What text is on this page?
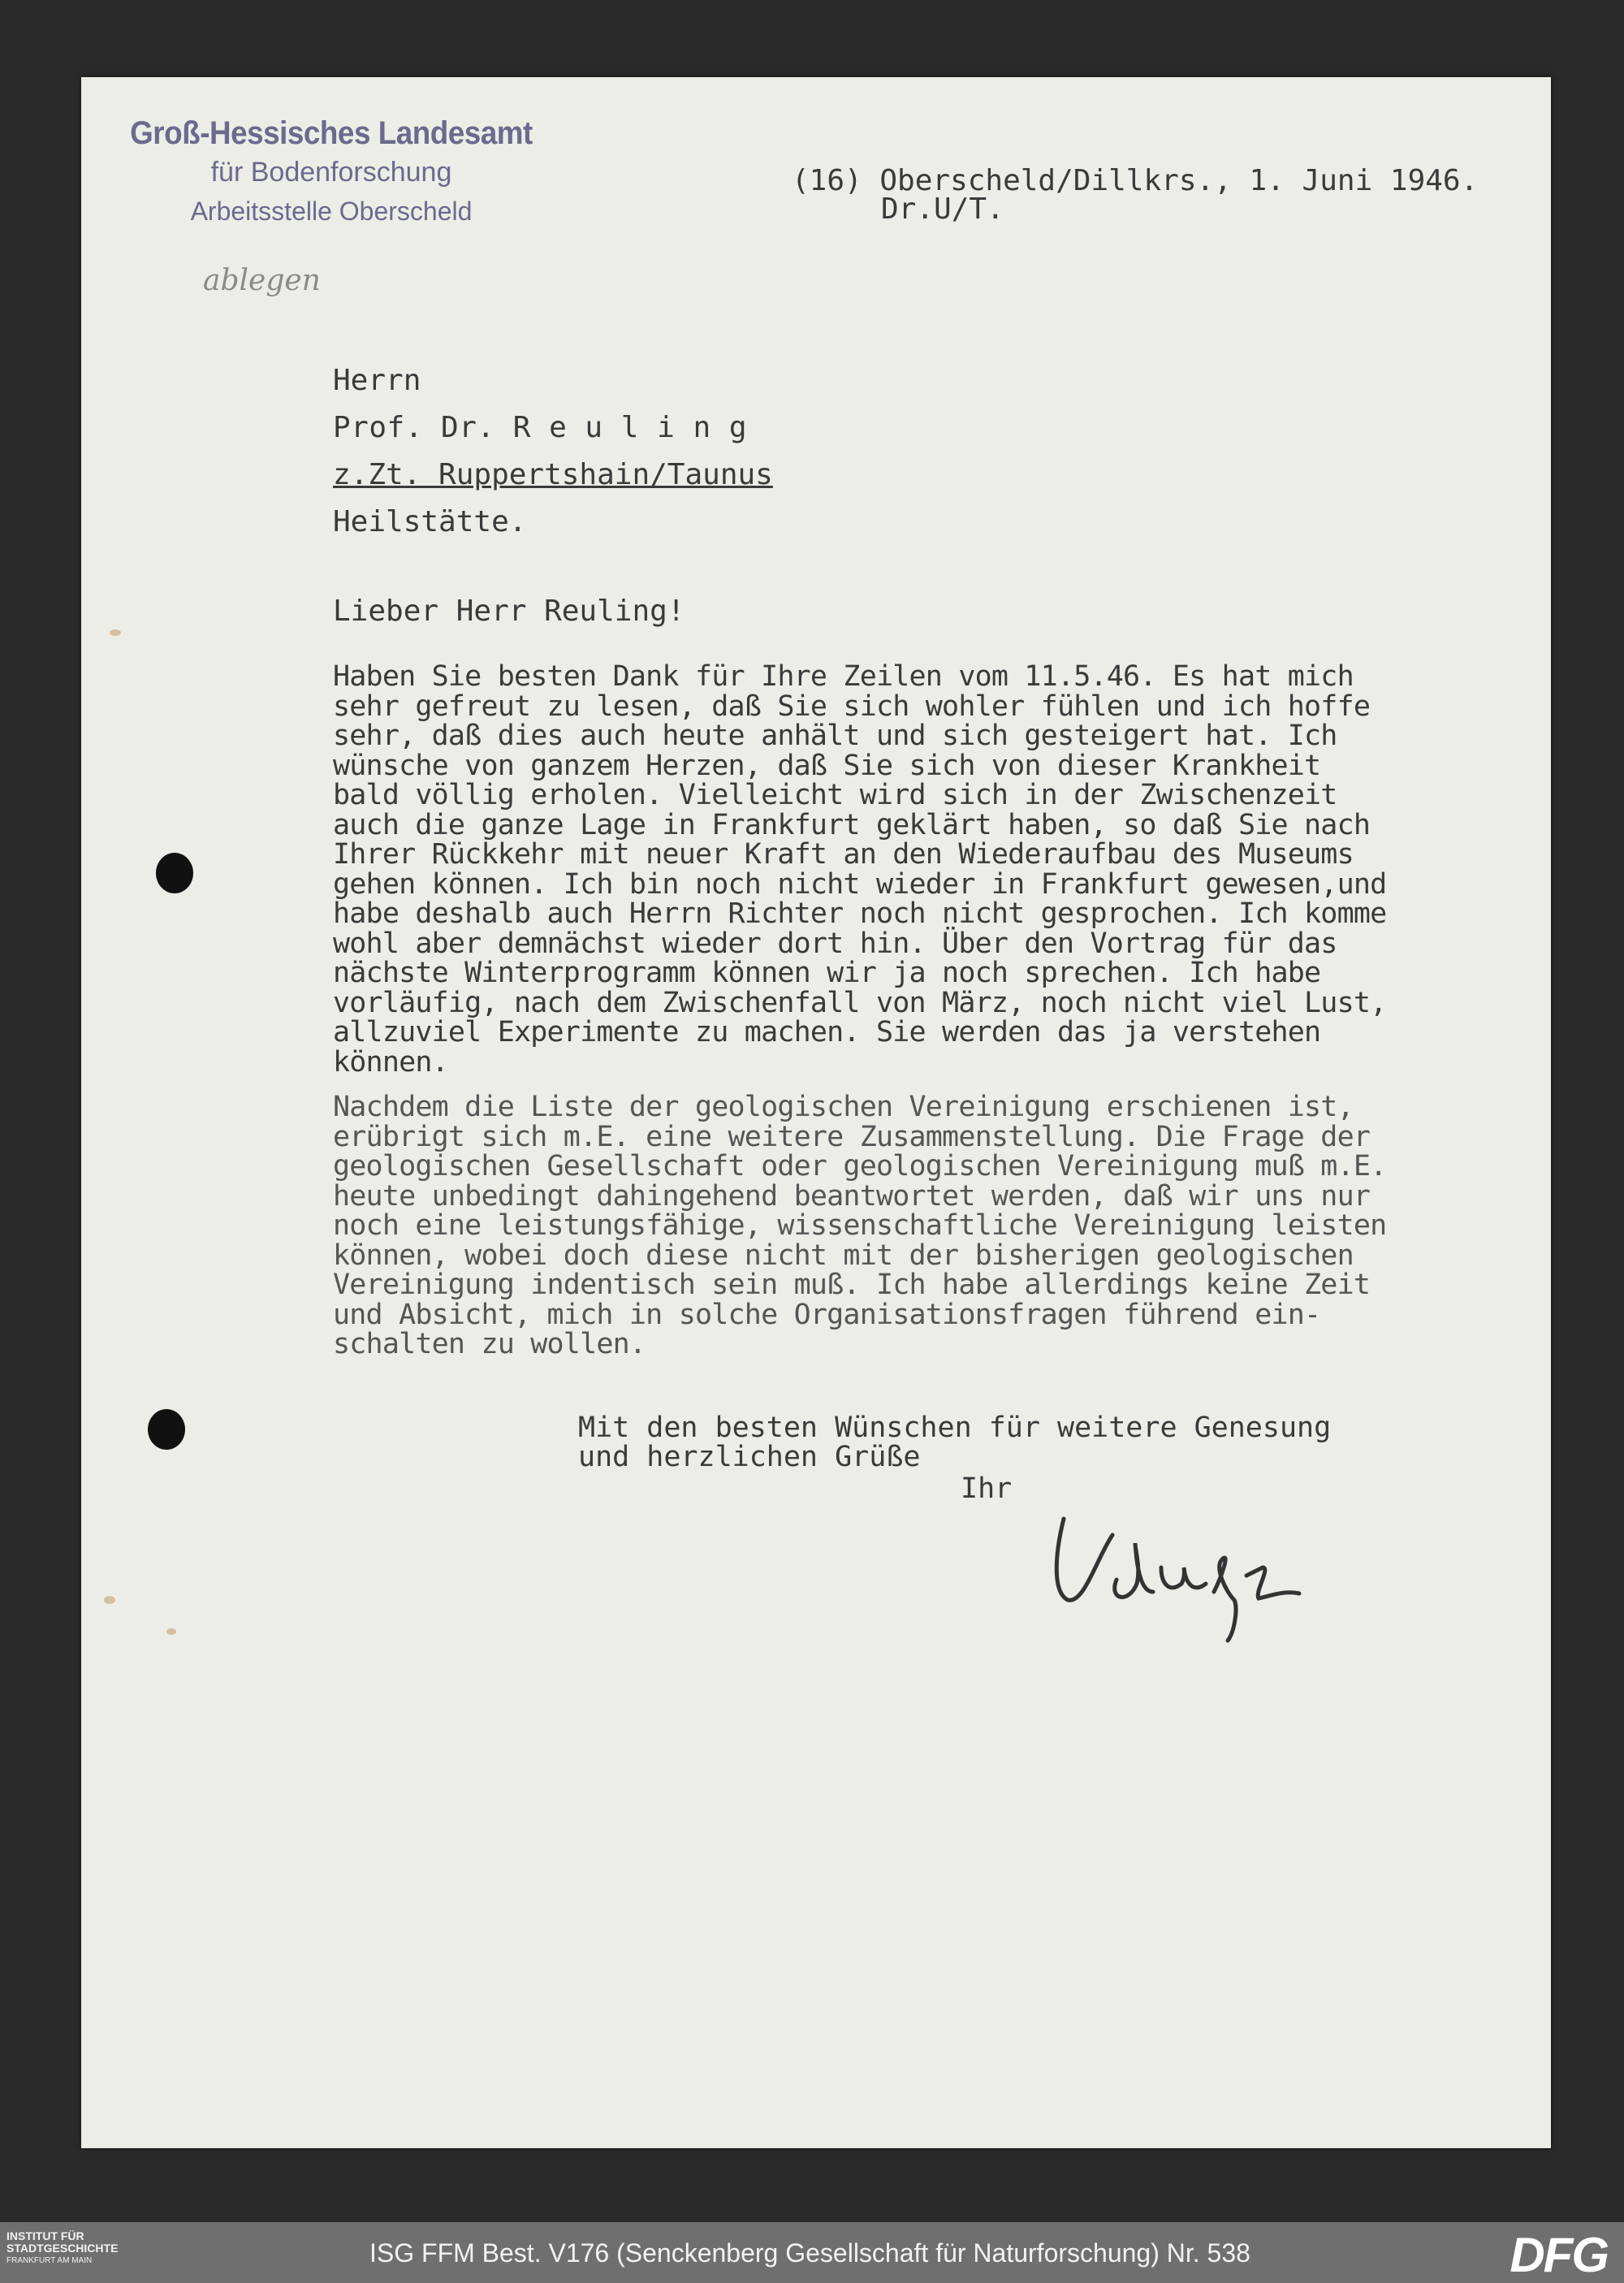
Groß-Hessisches Landesamt
für Bodenforschung
Arbeitsstelle Oberscheld
ablegen
(16) Oberscheld/Dillkrs., 1. Juni 1946.
Dr.U/T.
Herrn
Prof. Dr. R e u l i n g
z.Zt. Ruppertshain/Taunus
Heilstätte.
Lieber Herr Reuling!
Haben Sie besten Dank für Ihre Zeilen vom 11.5.46. Es hat mich
sehr gefreut zu lesen, daß Sie sich wohler fühlen und ich hoffe
sehr, daß dies auch heute anhält und sich gesteigert hat. Ich
wünsche von ganzem Herzen, daß Sie sich von dieser Krankheit
bald völlig erholen. Vielleicht wird sich in der Zwischenzeit
auch die ganze Lage in Frankfurt geklärt haben, so daß Sie nach
Ihrer Rückkehr mit neuer Kraft an den Wiederaufbau des Museums
gehen können. Ich bin noch nicht wieder in Frankfurt gewesen,und
habe deshalb auch Herrn Richter noch nicht gesprochen. Ich komme
wohl aber demnächst wieder dort hin. Über den Vortrag für das
nächste Winterprogramm können wir ja noch sprechen. Ich habe
vorläufig, nach dem Zwischenfall von März, noch nicht viel Lust,
allzuviel Experimente zu machen. Sie werden das ja verstehen
können.
Nachdem die Liste der geologischen Vereinigung erschienen ist,
erübrigt sich m.E. eine weitere Zusammenstellung. Die Frage der
geologischen Gesellschaft oder geologischen Vereinigung muß m.E.
heute unbedingt dahingehend beantwortet werden, daß wir uns nur
noch eine leistungsfähige, wissenschaftliche Vereinigung leisten
können, wobei doch diese nicht mit der bisherigen geologischen
Vereinigung indentisch sein muß. Ich habe allerdings keine Zeit
und Absicht, mich in solche Organisationsfragen führend ein-
schalten zu wollen.
Mit den besten Wünschen für weitere Genesung
und herzlichen Grüße
Ihr
INSTITUT FÜR
STADTGESCHICHTE
FRANKFURT AM MAIN	ISG FFM Best. V176 (Senckenberg Gesellschaft für Naturforschung) Nr. 538	DFG
